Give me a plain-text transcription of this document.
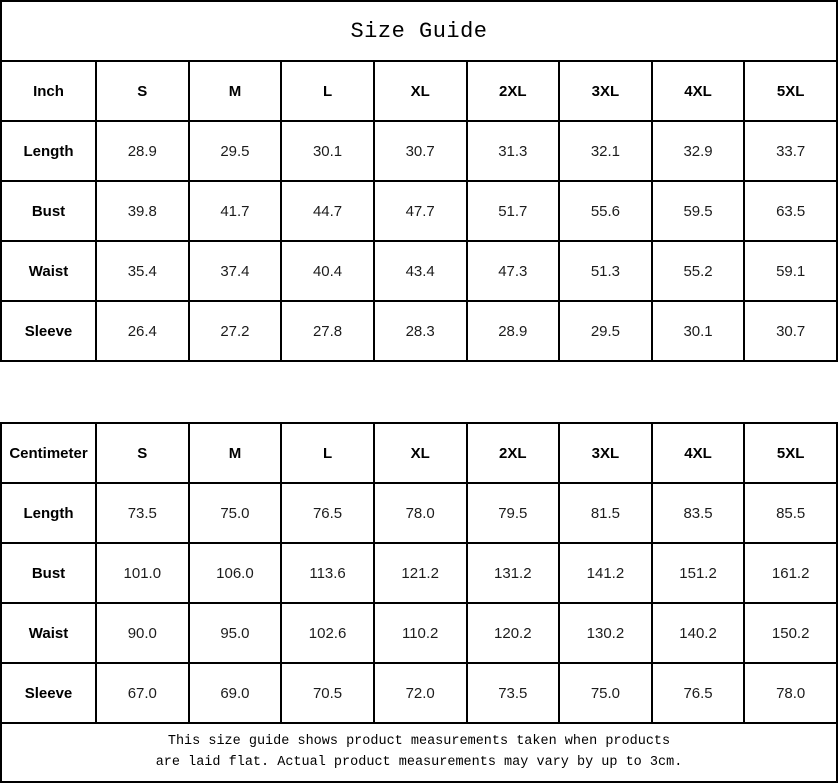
Size Guide
Inch	S	M	L	XL	2XL	3XL	4XL	5XL
Length	28.9	29.5	30.1	30.7	31.3	32.1	32.9	33.7
Bust	39.8	41.7	44.7	47.7	51.7	55.6	59.5	63.5
Waist	35.4	37.4	40.4	43.4	47.3	51.3	55.2	59.1
Sleeve	26.4	27.2	27.8	28.3	28.9	29.5	30.1	30.7
Centimeter	S	M	L	XL	2XL	3XL	4XL	5XL
Length	73.5	75.0	76.5	78.0	79.5	81.5	83.5	85.5
Bust	101.0	106.0	113.6	121.2	131.2	141.2	151.2	161.2
Waist	90.0	95.0	102.6	110.2	120.2	130.2	140.2	150.2
Sleeve	67.0	69.0	70.5	72.0	73.5	75.0	76.5	78.0
This size guide shows product measurements taken when products
are laid flat. Actual product measurements may vary by up to 3cm.
